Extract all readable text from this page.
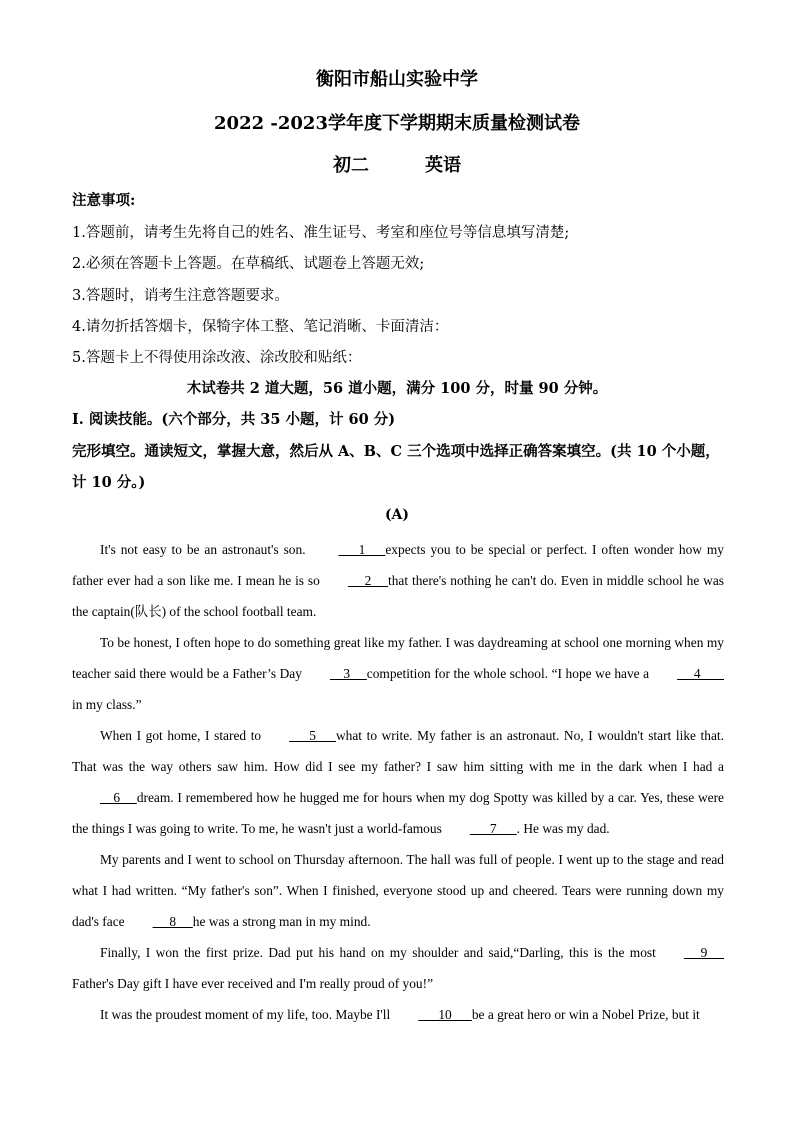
衡阳市船山实验中学
2022 -2023学年度下学期期末质量检测试卷
初二	英语

注意事项:

1.答题前，请考生先将自己的姓名、准生证号、考室和座位号等信息填写清楚;

2.必须在答题卡上答题。在草稿纸、试题卷上答题无效;

3.答题时，诮考生注意答题要求。

4.请勿折括答烟卡，保犄字体工整、笔记消晰、卡面清洁：

5.答题卡上不得使用涂改液、涂改胶和贴纸：

木试卷共 2 道大题，56 道小题，满分 100 分，时量 90 分钟。

I. 阅读技能。(六个部分，共 35 小题，计 60 分)

完形填空。通读短文，掌握大意，然后从 A、B、C 三个选项中选择正确答案填空。(共 10 个小题，计 10 分。)

(A)

It's not easy to be an astronaut's son.       1      expects you to be special or perfect. I often wonder how my father ever had a son like me. I mean he is so     2     that there's nothing he can't do. Even in middle school he was the captain(队长) of the school football team.

To be honest, I often hope to do something great like my father. I was daydreaming at school one morning when my teacher said there would be a Father’s Day    3     competition for the whole school. “I hope we have a     4       in my class.”

When I got home, I stared to      5      what to write. My father is an astronaut. No, I wouldn't start like that. That was the way others saw him. How did I see my father? I saw him sitting with me in the dark when I had a    6     dream. I remembered how he hugged me for hours when my dog Spotty was killed by a car. Yes, these were the things I was going to write. To me, he wasn't just a world-famous      7      . He was my dad.

My parents and I went to school on Thursday afternoon. The hall was full of people. I went up to the stage and read what I had written. “My father's son”. When I finished, everyone stood up and cheered. Tears were running down my dad's face     8     he was a strong man in my mind.

Finally, I won the first prize. Dad put his hand on my shoulder and said,“Darling, this is the most     9     Father's Day gift I have ever received and I'm really proud of you!”

It was the proudest moment of my life, too. Maybe I'll      10      be a great hero or win a Nobel Prize, but it
